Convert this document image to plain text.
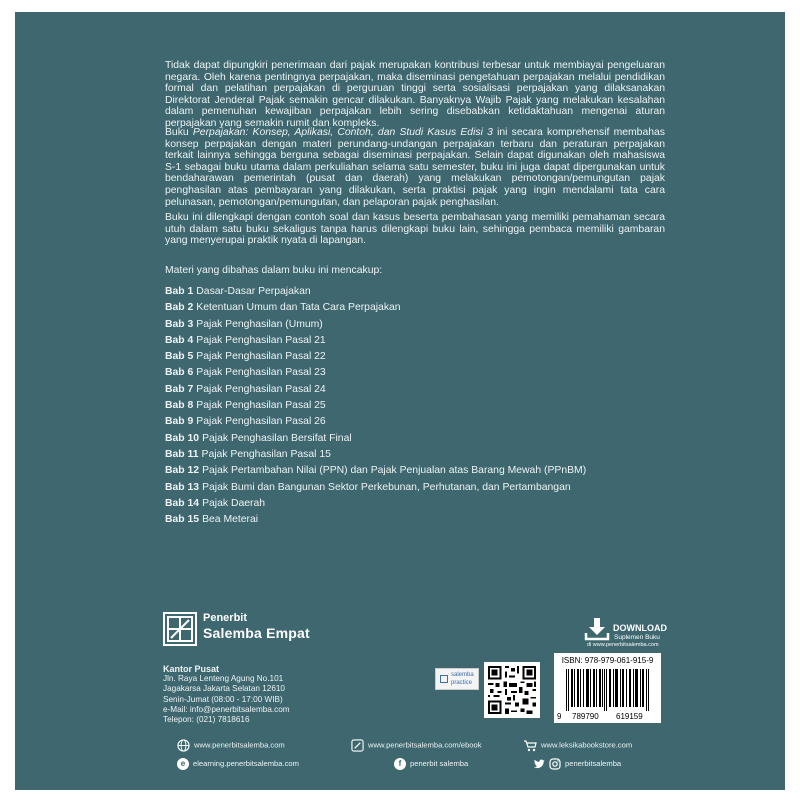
Tidak dapat dipungkiri penerimaan dari pajak merupakan kontribusi terbesar untuk membiayai pengeluaran negara. Oleh karena pentingnya perpajakan, maka diseminasi pengetahuan perpajakan melalui pendidikan formal dan pelatihan perpajakan di perguruan tinggi serta sosialisasi perpajakan yang dilaksanakan Direktorat Jenderal Pajak semakin gencar dilakukan. Banyaknya Wajib Pajak yang melakukan kesalahan dalam pemenuhan kewajiban perpajakan lebih sering disebabkan ketidaktahuan mengenai aturan perpajakan yang semakin rumit dan kompleks.

Buku Perpajakan: Konsep, Aplikasi, Contoh, dan Studi Kasus Edisi 3 ini secara komprehensif membahas konsep perpajakan dengan materi perundang-undangan perpajakan terbaru dan peraturan perpajakan terkait lainnya sehingga berguna sebagai diseminasi perpajakan. Selain dapat digunakan oleh mahasiswa S-1 sebagai buku utama dalam perkuliahan selama satu semester, buku ini juga dapat dipergunakan untuk bendaharawan pemerintah (pusat dan daerah) yang melakukan pemotongan/pemungutan pajak penghasilan atas pembayaran yang dilakukan, serta praktisi pajak yang ingin mendalami tata cara pelunasan, pemotongan/pemungutan, dan pelaporan pajak penghasilan.

Buku ini dilengkapi dengan contoh soal dan kasus beserta pembahasan yang memiliki pemahaman secara utuh dalam satu buku sekaligus tanpa harus dilengkapi buku lain, sehingga pembaca memiliki gambaran yang menyerupai praktik nyata di lapangan.

Materi yang dibahas dalam buku ini mencakup:
Bab 1 Dasar-Dasar Perpajakan
Bab 2 Ketentuan Umum dan Tata Cara Perpajakan
Bab 3 Pajak Penghasilan (Umum)
Bab 4 Pajak Penghasilan Pasal 21
Bab 5 Pajak Penghasilan Pasal 22
Bab 6 Pajak Penghasilan Pasal 23
Bab 7 Pajak Penghasilan Pasal 24
Bab 8 Pajak Penghasilan Pasal 25
Bab 9 Pajak Penghasilan Pasal 26
Bab 10 Pajak Penghasilan Bersifat Final
Bab 11 Pajak Penghasilan Pasal 15
Bab 12 Pajak Pertambahan Nilai (PPN) dan Pajak Penjualan atas Barang Mewah (PPnBM)
Bab 13 Pajak Bumi dan Bangunan Sektor Perkebunan, Perhutanan, dan Pertambangan
Bab 14 Pajak Daerah
Bab 15 Bea Meterai
Penerbit
Salemba Empat
Kantor Pusat
Jln. Raya Lenteng Agung No.101
Jagakarsa Jakarta Selatan 12610
Senin-Jumat (08:00 - 17:00 WIB)
e-Mail: info@penerbitsalemba.com
Telepon: (021) 7818616
DOWNLOAD
Suplemen Buku
di www.penerbitsalemba.com
salemba
practice
ISBN: 978-979-061-915-9
9 789790 619159
www.penerbitsalemba.com	www.penerbitsalemba.com/ebook	www.leksikabookstore.com
e elearning.penerbitsalemba.com	f penerbit salemba	penerbitsalemba
